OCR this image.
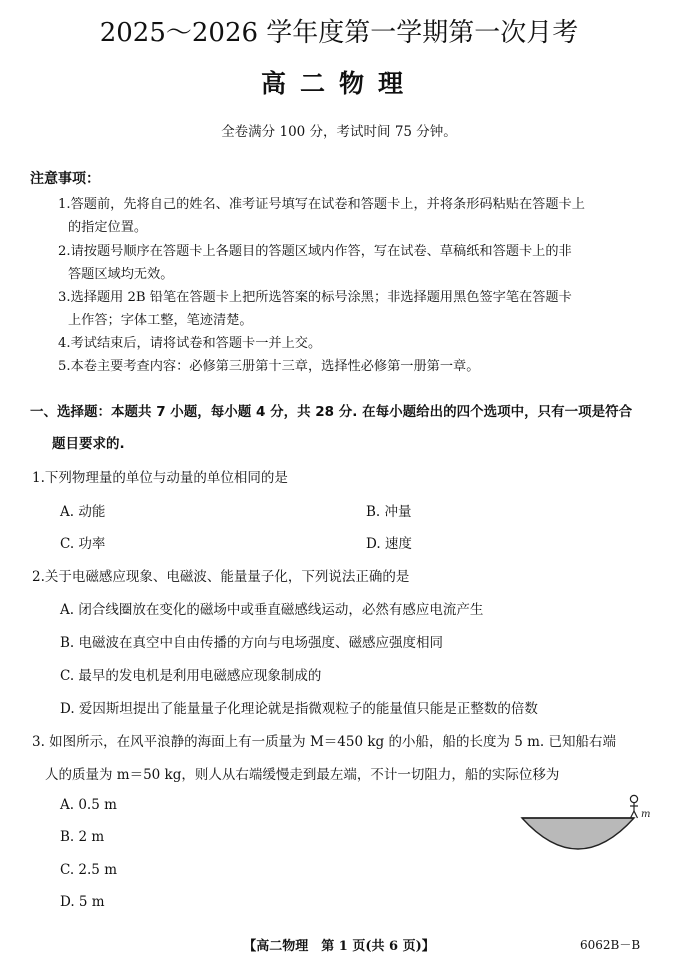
2025～2026 学年度第一学期第一次月考
高二物理
全卷满分 100 分，考试时间 75 分钟。
注意事项：
1.答题前，先将自己的姓名、准考证号填写在试卷和答题卡上，并将条形码粘贴在答题卡上
的指定位置。
2.请按题号顺序在答题卡上各题目的答题区域内作答，写在试卷、草稿纸和答题卡上的非
答题区域均无效。
3.选择题用 2B 铅笔在答题卡上把所选答案的标号涂黑；非选择题用黑色签字笔在答题卡
上作答；字体工整，笔迹清楚。
4.考试结束后，请将试卷和答题卡一并上交。
5.本卷主要考查内容：必修第三册第十三章，选择性必修第一册第一章。
一、选择题：本题共 7 小题，每小题 4 分，共 28 分. 在每小题给出的四个选项中，只有一项是符合
题目要求的.
1.下列物理量的单位与动量的单位相同的是
A. 动能	B. 冲量
C. 功率	D. 速度
2.关于电磁感应现象、电磁波、能量量子化，下列说法正确的是
A. 闭合线圈放在变化的磁场中或垂直磁感线运动，必然有感应电流产生
B. 电磁波在真空中自由传播的方向与电场强度、磁感应强度相同
C. 最早的发电机是利用电磁感应现象制成的
D. 爱因斯坦提出了能量量子化理论就是指微观粒子的能量值只能是正整数的倍数
3. 如图所示，在风平浪静的海面上有一质量为 M＝450 kg 的小船，船的长度为 5 m. 已知船右端
人的质量为 m＝50 kg，则人从右端缓慢走到最左端，不计一切阻力，船的实际位移为
A. 0.5 m
B. 2 m
C. 2.5 m
D. 5 m
m
【高二物理　第 1 页(共 6 页)】	6062B－B
